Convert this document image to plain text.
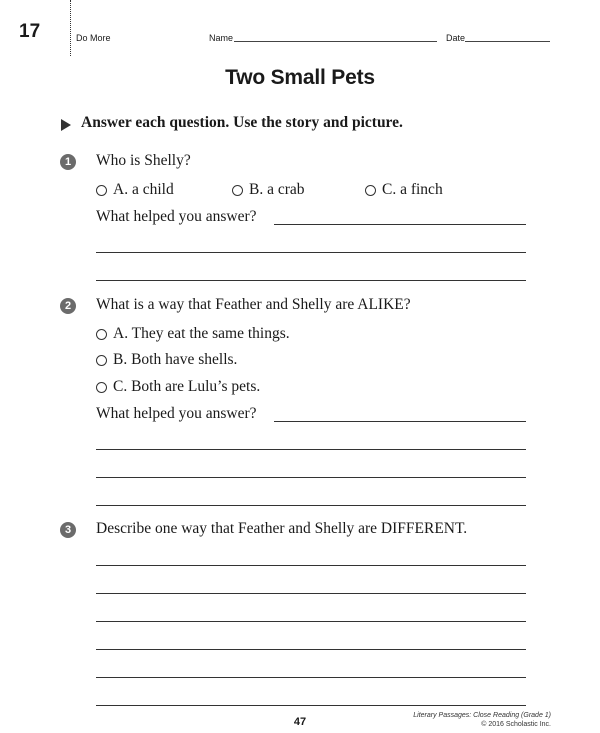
17	Do More	Name	Date
Two Small Pets
Answer each question. Use the story and picture.
1	Who is Shelly?
A. a child	B. a crab	C. a finch
What helped you answer?
2	What is a way that Feather and Shelly are ALIKE?
A. They eat the same things.
B. Both have shells.
C. Both are Lulu’s pets.
What helped you answer?
3	Describe one way that Feather and Shelly are DIFFERENT.
47
Literary Passages: Close Reading (Grade 1)
© 2016 Scholastic Inc.
